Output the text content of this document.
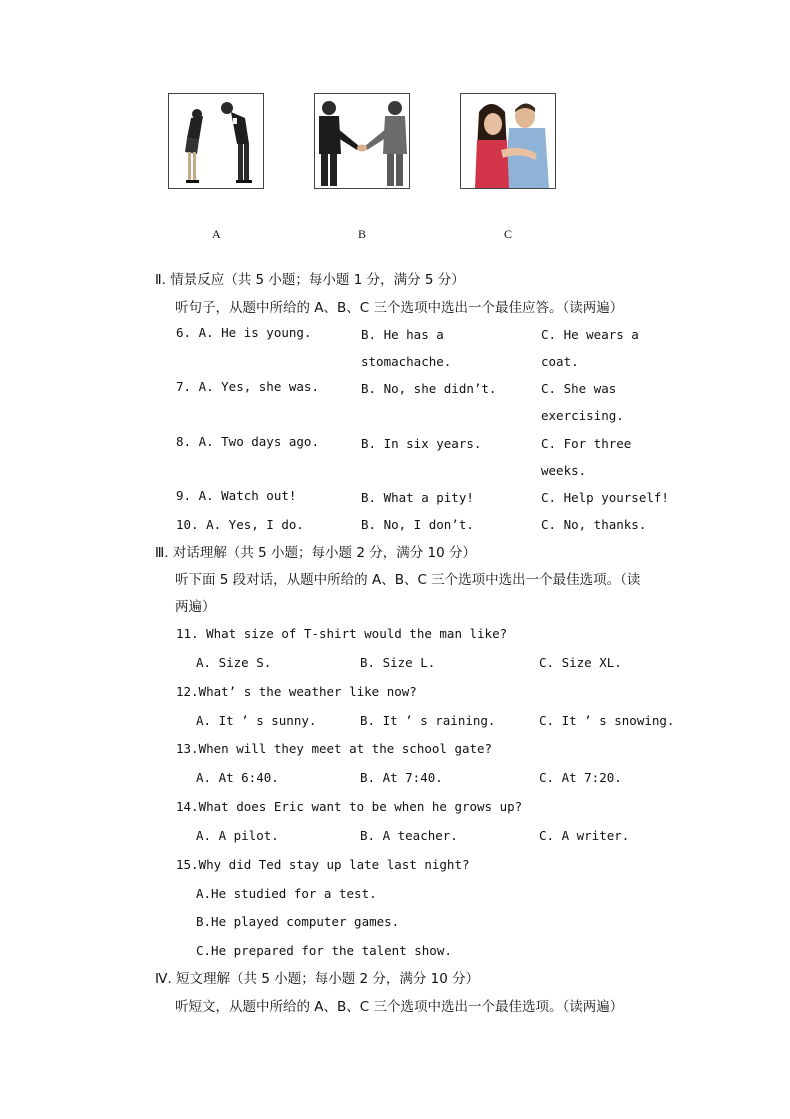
A	B	C
Ⅱ. 情景反应（共 5 小题；每小题 1 分，满分 5 分）
听句子，从题中所给的 A、B、C 三个选项中选出一个最佳应答。（读两遍）
6. A. He is young.	B. He has a
stomachache.
C. He wears a
coat.
7. A. Yes, she was.	B. No, she didn’t.	C. She was
exercising.
8. A. Two days ago.	B. In six years.	C. For three
weeks.
9. A. Watch out!	B. What a pity!	C. Help yourself!
10. A. Yes, I do.	B. No, I don’t.	C. No, thanks.
Ⅲ. 对话理解（共 5 小题；每小题 2 分，满分 10 分）
听下面 5 段对话，从题中所给的 A、B、C 三个选项中选出一个最佳选项。（读
两遍）
11. What size of T-shirt would the man like?
A. Size S.	B. Size L.	C. Size XL.
12.What’ s the weather like now?
A. It ’ s sunny.	B. It ’ s raining.	C. It ’ s snowing.
13.When will they meet at the school gate?
A. At 6:40.	B. At 7:40.	C. At 7:20.
14.What does Eric want to be when he grows up?
A. A pilot.	B. A teacher.	C. A writer.
15.Why did Ted stay up late last night?
A.He studied for a test.
B.He played computer games.
C.He prepared for the talent show.
Ⅳ. 短文理解（共 5 小题；每小题 2 分，满分 10 分）
听短文，从题中所给的 A、B、C 三个选项中选出一个最佳选项。（读两遍）
